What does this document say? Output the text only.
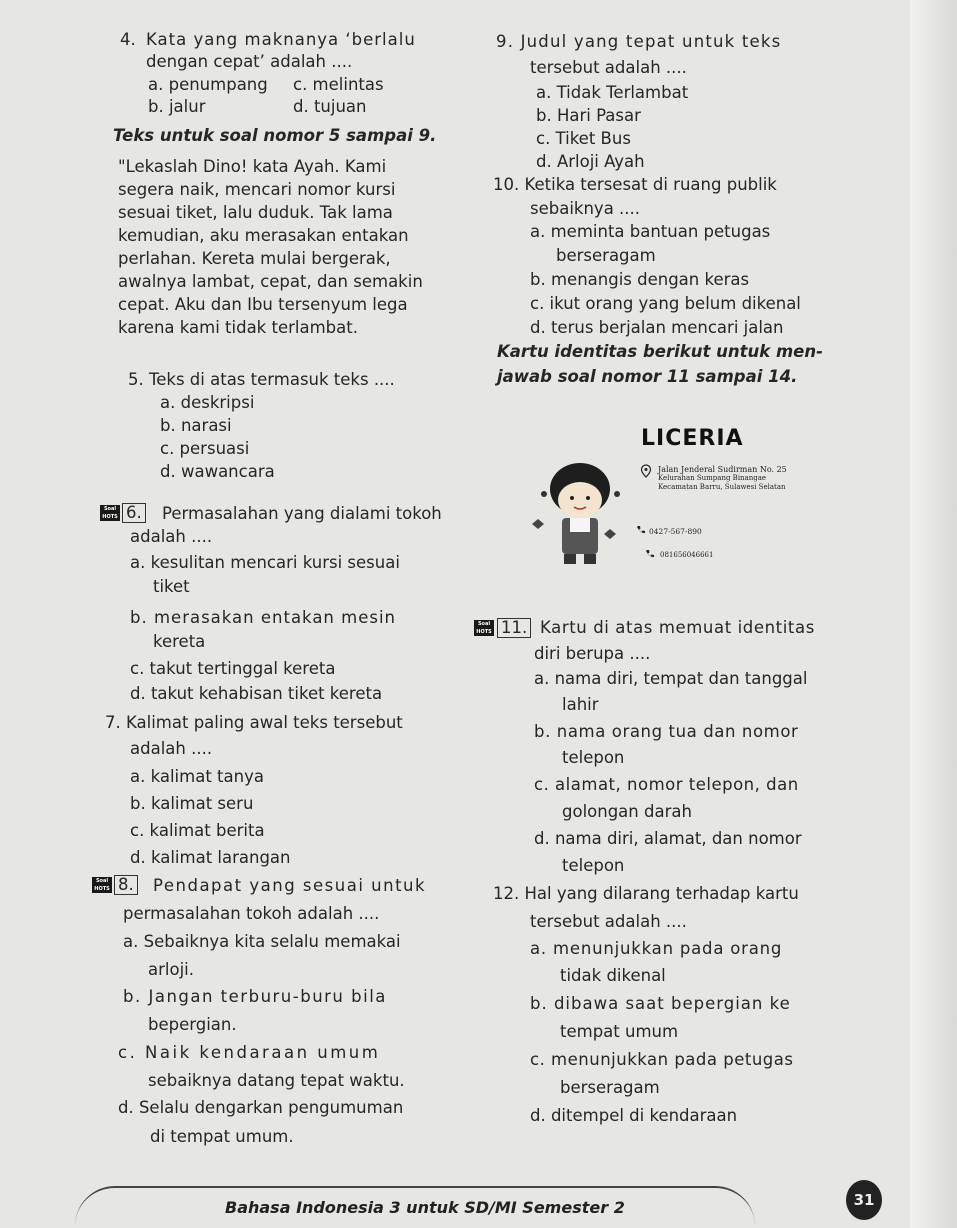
4. Kata yang maknanya ‘berlalu
dengan cepat’ adalah ....
a. penumpang c. melintas
b. jalur	d. tujuan
Teks untuk soal nomor 5 sampai 9.
"Lekaslah Dino! kata Ayah. Kami
segera naik, mencari nomor kursi
sesuai tiket, lalu duduk. Tak lama
kemudian, aku merasakan entakan
perlahan. Kereta mulai bergerak,
awalnya lambat, cepat, dan semakin
cepat. Aku dan Ibu tersenyum lega
karena kami tidak terlambat.
5. Teks di atas termasuk teks ....
a. deskripsi
b. narasi
c. persuasi
d. wawancara
Soal HOTS 6. Permasalahan yang dialami tokoh
adalah ....
a. kesulitan mencari kursi sesuai
tiket
b. merasakan entakan mesin
kereta
c. takut tertinggal kereta
d. takut kehabisan tiket kereta
7. Kalimat paling awal teks tersebut
adalah ....
a. kalimat tanya
b. kalimat seru
c. kalimat berita
d. kalimat larangan
Soal HOTS 8. Pendapat yang sesuai untuk
permasalahan tokoh adalah ....
a. Sebaiknya kita selalu memakai
arloji.
b. Jangan terburu-buru bila
bepergian.
c. Naik kendaraan umum
sebaiknya datang tepat waktu.
d. Selalu dengarkan pengumuman
di tempat umum.
9. Judul yang tepat untuk teks
tersebut adalah ....
a. Tidak Terlambat
b. Hari Pasar
c. Tiket Bus
d. Arloji Ayah
10. Ketika tersesat di ruang publik
sebaiknya ....
a. meminta bantuan petugas
berseragam
b. menangis dengan keras
c. ikut orang yang belum dikenal
d. terus berjalan mencari jalan
Kartu identitas berikut untuk men-
jawab soal nomor 11 sampai 14.
LICERIA
Jalan Jenderal Sudirman No. 25
Kelurahan Sumpang Binangae
Kecamatan Barru, Sulawesi Selatan
0427-567-890
081656046661
Soal HOTS 11. Kartu di atas memuat identitas
diri berupa ....
a. nama diri, tempat dan tanggal
lahir
b. nama orang tua dan nomor
telepon
c. alamat, nomor telepon, dan
golongan darah
d. nama diri, alamat, dan nomor
telepon
12. Hal yang dilarang terhadap kartu
tersebut adalah ....
a. menunjukkan pada orang
tidak dikenal
b. dibawa saat bepergian ke
tempat umum
c. menunjukkan pada petugas
berseragam
d. ditempel di kendaraan
Bahasa Indonesia 3 untuk SD/MI Semester 2	31
